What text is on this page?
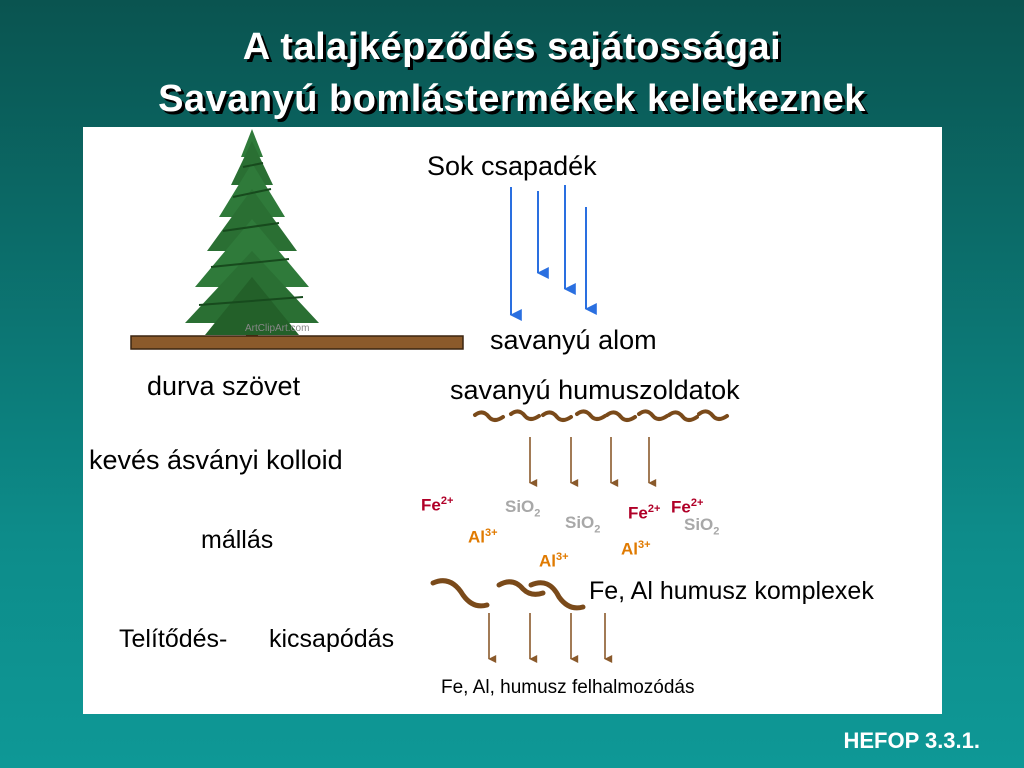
A talajképződés sajátosságai
Savanyú bomlástermékek keletkeznek
ArtClipArt.com
Sok csapadék
savanyú alom
savanyú humuszoldatok
durva szövet
kevés ásványi kolloid
mállás
Telítődés- kicsapódás
Fe, Al humusz komplexek
Fe, Al, humusz felhalmozódás
$Fe^{2+}$	SiO$_2$ SiO$_2$
$Fe^{2+}$ $Fe^{2+}$
SiO$_2$
$Al^{3+}$
$Al^{3+}$
$Al^{3+}$
HEFOP 3.3.1.
